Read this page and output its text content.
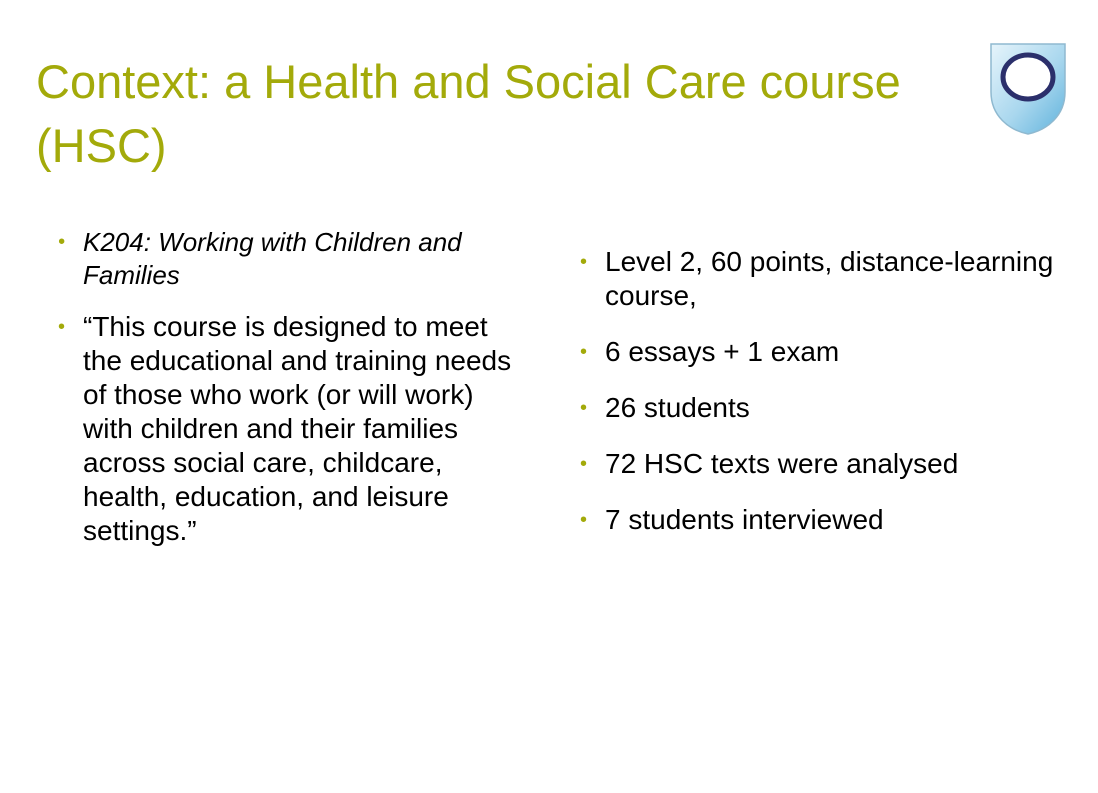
Context: a Health and Social Care course (HSC)
• K204: Working with Children and Families
• “This course is designed to meet the educational and training needs of those who work (or will work) with children and their families across social care, childcare, health, education, and leisure settings.”
• Level 2, 60 points, distance-learning course,
• 6 essays + 1 exam
• 26 students
• 72 HSC texts were analysed
• 7 students interviewed
